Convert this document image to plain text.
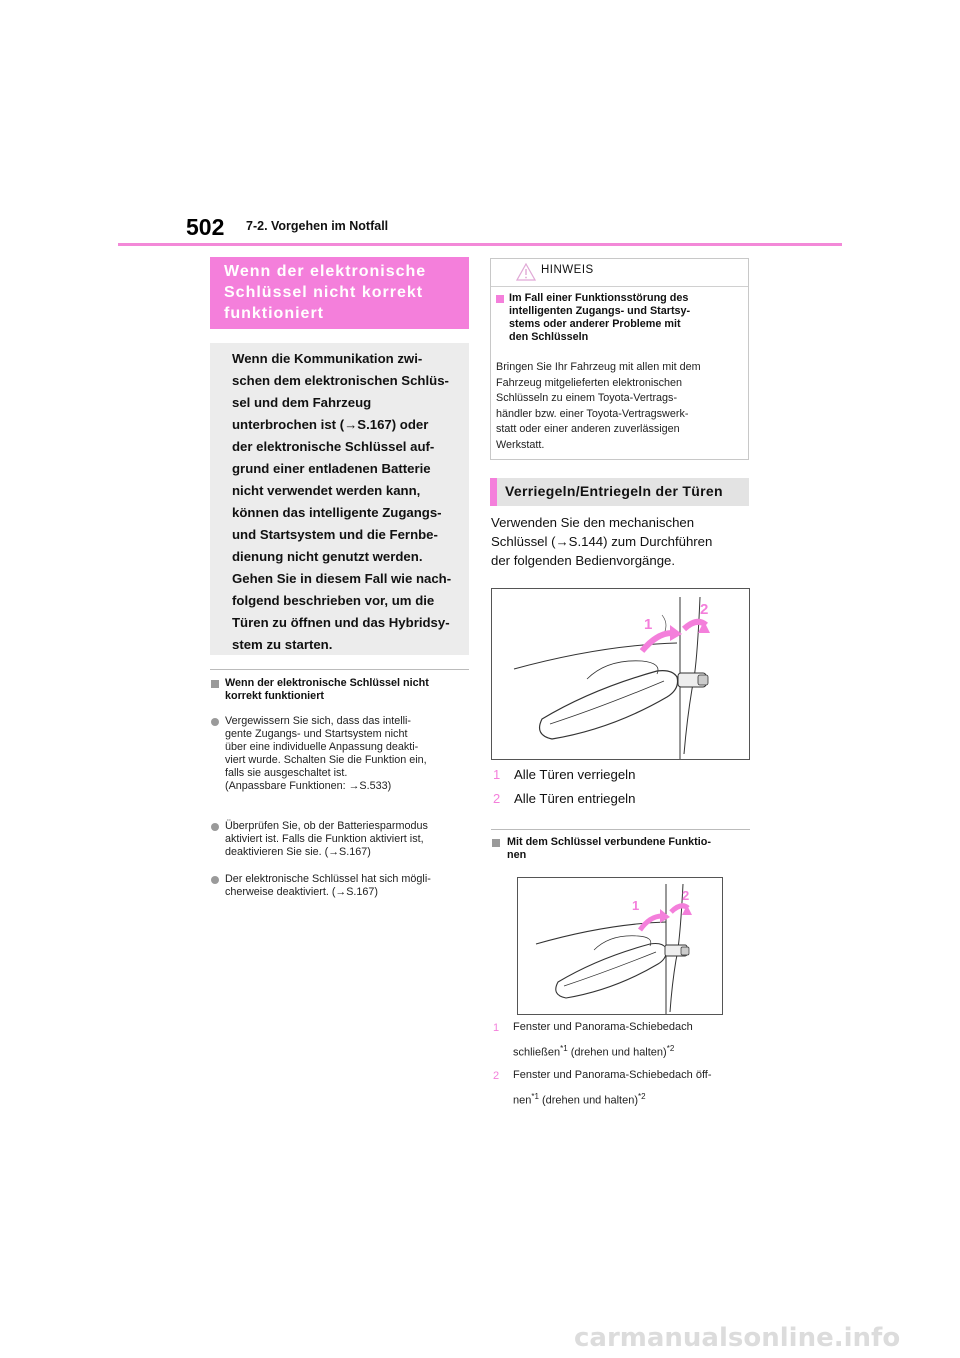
502 7-2. Vorgehen im Notfall
Wenn der elektronische Schlüssel nicht korrekt funktioniert
Wenn die Kommunikation zwi-
schen dem elektronischen Schlüs-
sel und dem Fahrzeug
unterbrochen ist (→S.167) oder
der elektronische Schlüssel auf-
grund einer entladenen Batterie
nicht verwendet werden kann,
können das intelligente Zugangs-
und Startsystem und die Fernbe-
dienung nicht genutzt werden.
Gehen Sie in diesem Fall wie nach-
folgend beschrieben vor, um die
Türen zu öffnen und das Hybridsy-
stem zu starten.
Wenn der elektronische Schlüssel nicht
korrekt funktioniert
Vergewissern Sie sich, dass das intelli-
gente Zugangs- und Startsystem nicht
über eine individuelle Anpassung deakti-
viert wurde. Schalten Sie die Funktion ein,
falls sie ausgeschaltet ist.
(Anpassbare Funktionen: →S.533)
Überprüfen Sie, ob der Batteriesparmodus
aktiviert ist. Falls die Funktion aktiviert ist,
deaktivieren Sie sie. (→S.167)
Der elektronische Schlüssel hat sich mögli-
cherweise deaktiviert. (→S.167)
HINWEIS
Im Fall einer Funktionsstörung des
intelligenten Zugangs- und Startsy-
stems oder anderer Probleme mit
den Schlüsseln
Bringen Sie Ihr Fahrzeug mit allen mit dem
Fahrzeug mitgelieferten elektronischen
Schlüsseln zu einem Toyota-Vertrags-
händler bzw. einer Toyota-Vertragswerk-
statt oder einer anderen zuverlässigen
Werkstatt.
Verriegeln/Entriegeln der Türen
Verwenden Sie den mechanischen
Schlüssel (→S.144) zum Durchführen
der folgenden Bedienvorgänge.
1
2
1 Alle Türen verriegeln
2 Alle Türen entriegeln
Mit dem Schlüssel verbundene Funktio-
nen
1
2
1 Fenster und Panorama-Schiebedach
schließen$^{*1}$ (drehen und halten)$^{*2}$
2 Fenster und Panorama-Schiebedach öff-
nen$^{*1}$ (drehen und halten)$^{*2}$
carmanualsonline.info
